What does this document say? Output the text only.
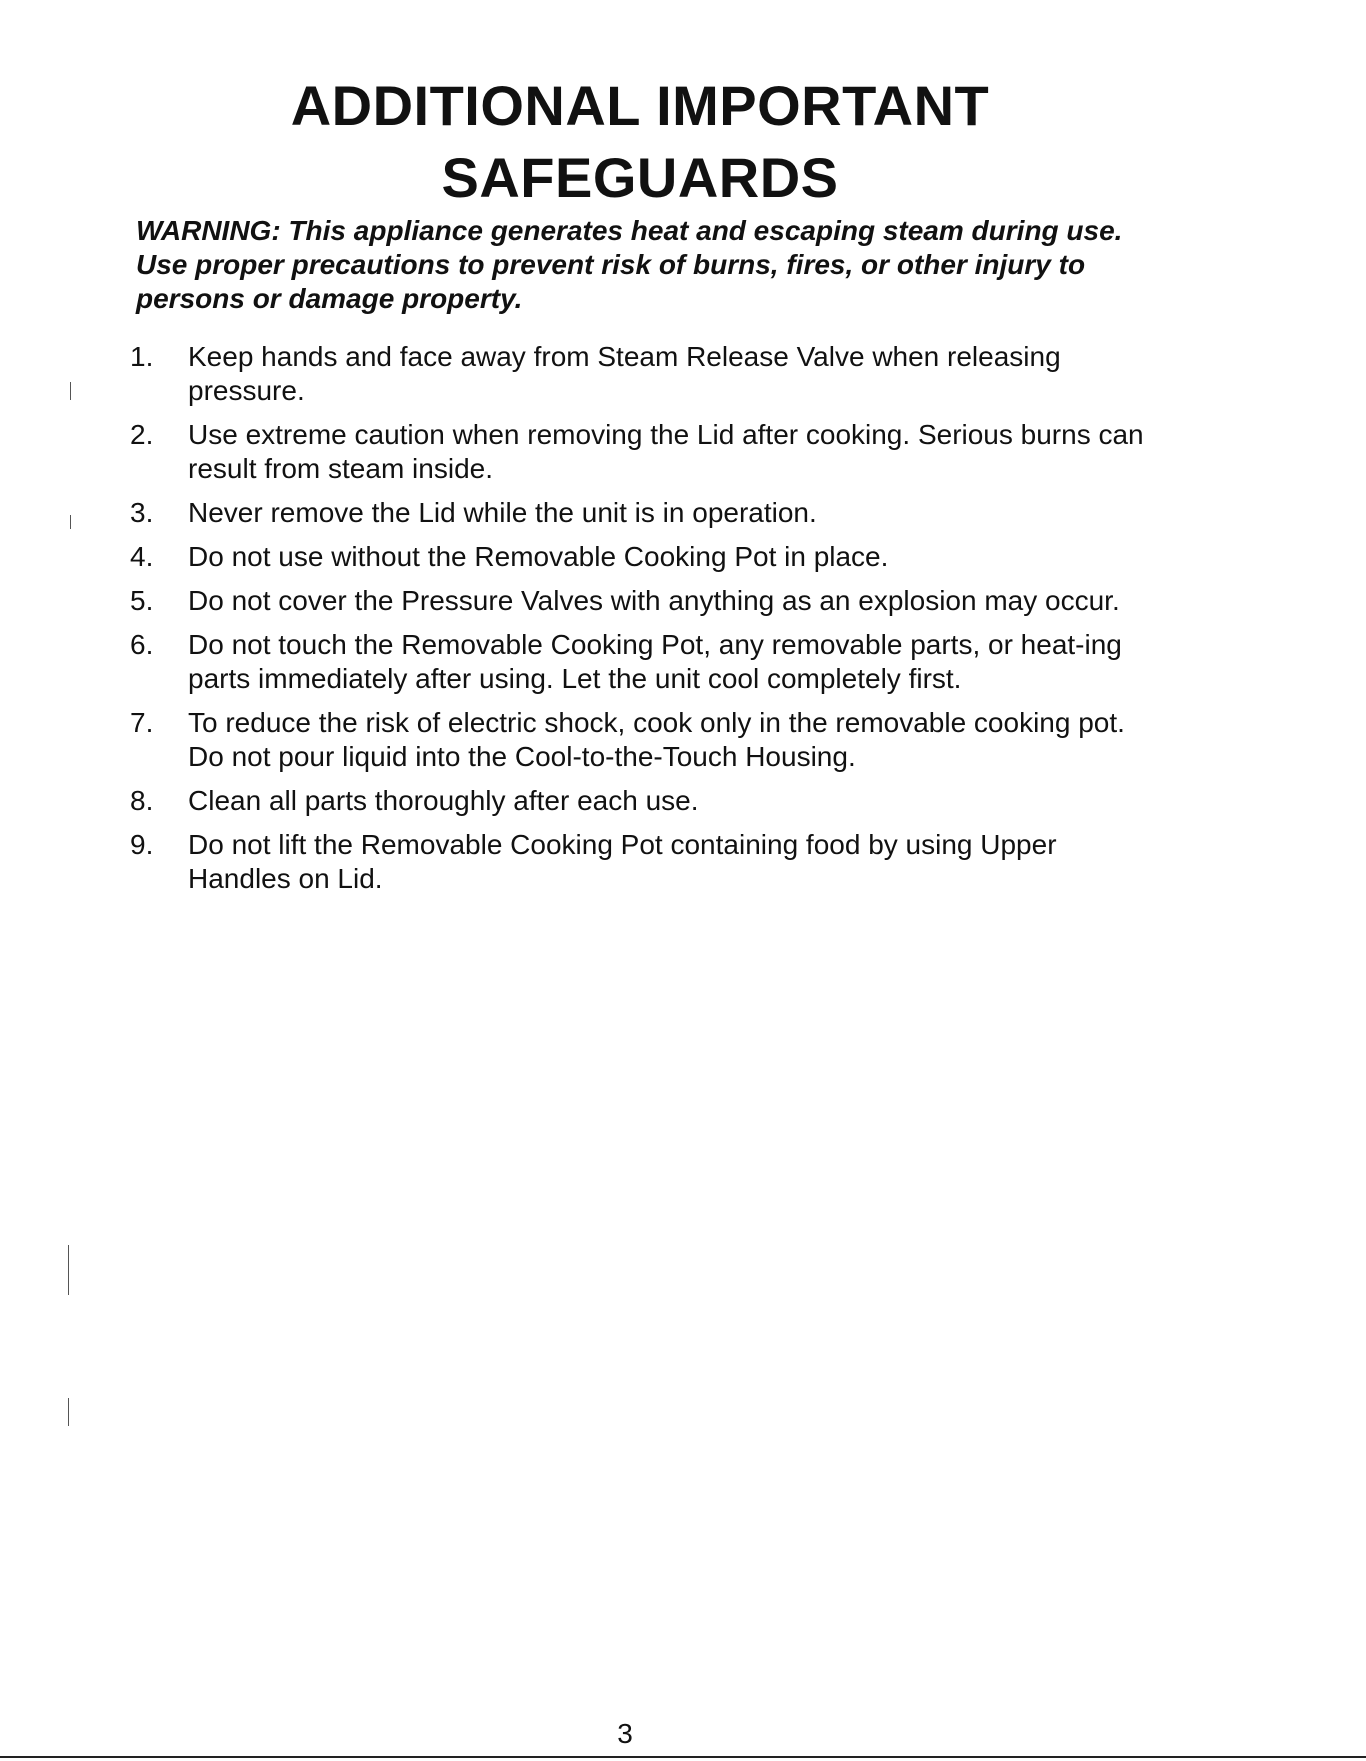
ADDITIONAL IMPORTANT
SAFEGUARDS

WARNING: This appliance generates heat and escaping steam during use. Use proper precautions to prevent risk of burns, fires, or other injury to persons or damage property.

1.	Keep hands and face away from Steam Release Valve when releasing pressure.
2.	Use extreme caution when removing the Lid after cooking. Serious burns can result from steam inside.
3.	Never remove the Lid while the unit is in operation.
4.	Do not use without the Removable Cooking Pot in place.
5.	Do not cover the Pressure Valves with anything as an explosion may occur.
6.	Do not touch the Removable Cooking Pot, any removable parts, or heat-ing parts immediately after using. Let the unit cool completely first.
7.	To reduce the risk of electric shock, cook only in the removable cooking pot. Do not pour liquid into the Cool-to-the-Touch Housing.
8.	Clean all parts thoroughly after each use.
9.	Do not lift the Removable Cooking Pot containing food by using Upper Handles on Lid.
3
